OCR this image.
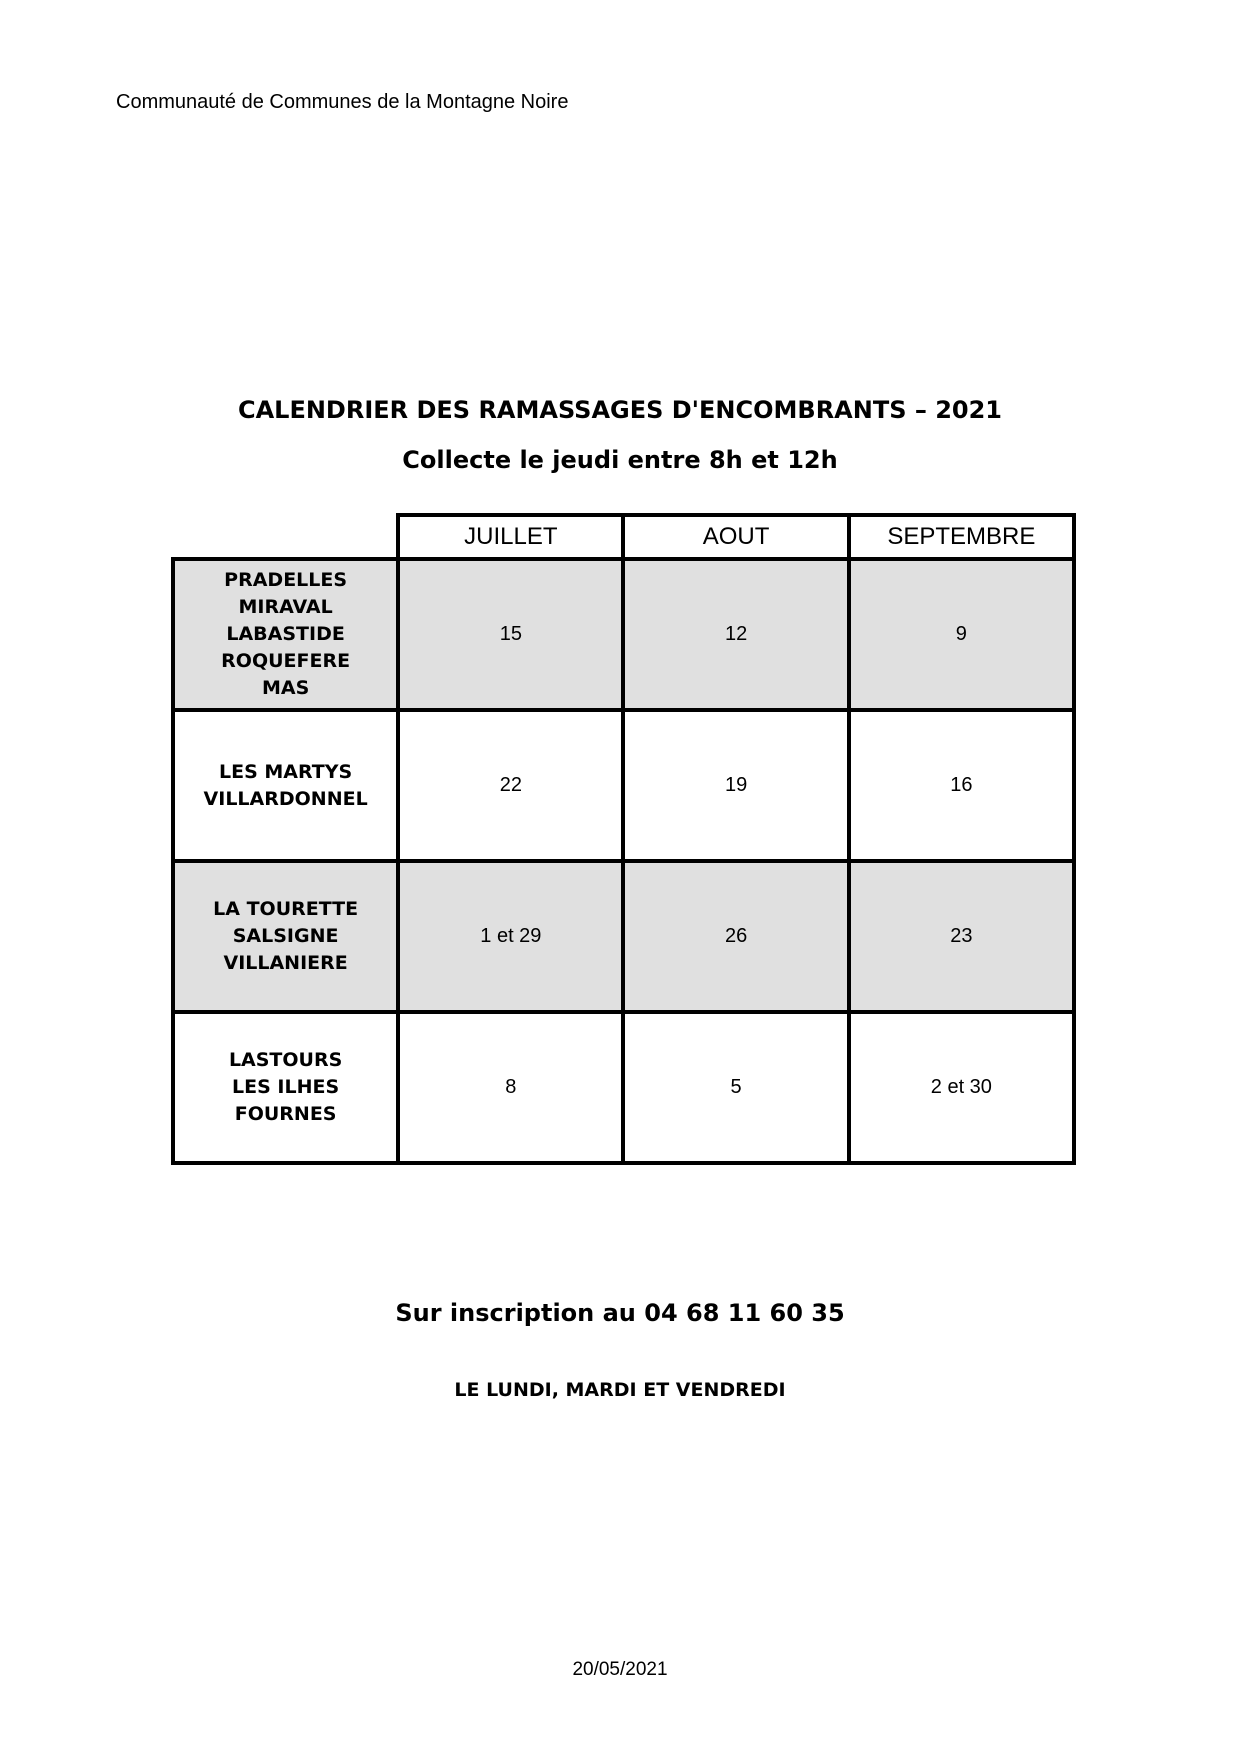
Communauté de Communes de la Montagne Noire
CALENDRIER DES RAMASSAGES D'ENCOMBRANTS – 2021
Collecte le jeudi entre 8h et 12h
	JUILLET	AOUT	SEPTEMBRE

PRADELLES
MIRAVAL
LABASTIDE
ROQUEFERE
MAS	15	12	9

LES MARTYS
VILLARDONNEL	22	19	16

LA TOURETTE
SALSIGNE
VILLANIERE	1 et 29	26	23

LASTOURS
LES ILHES
FOURNES	8	5	2 et 30
Sur inscription au 04 68 11 60 35
LE LUNDI, MARDI ET VENDREDI
20/05/2021
